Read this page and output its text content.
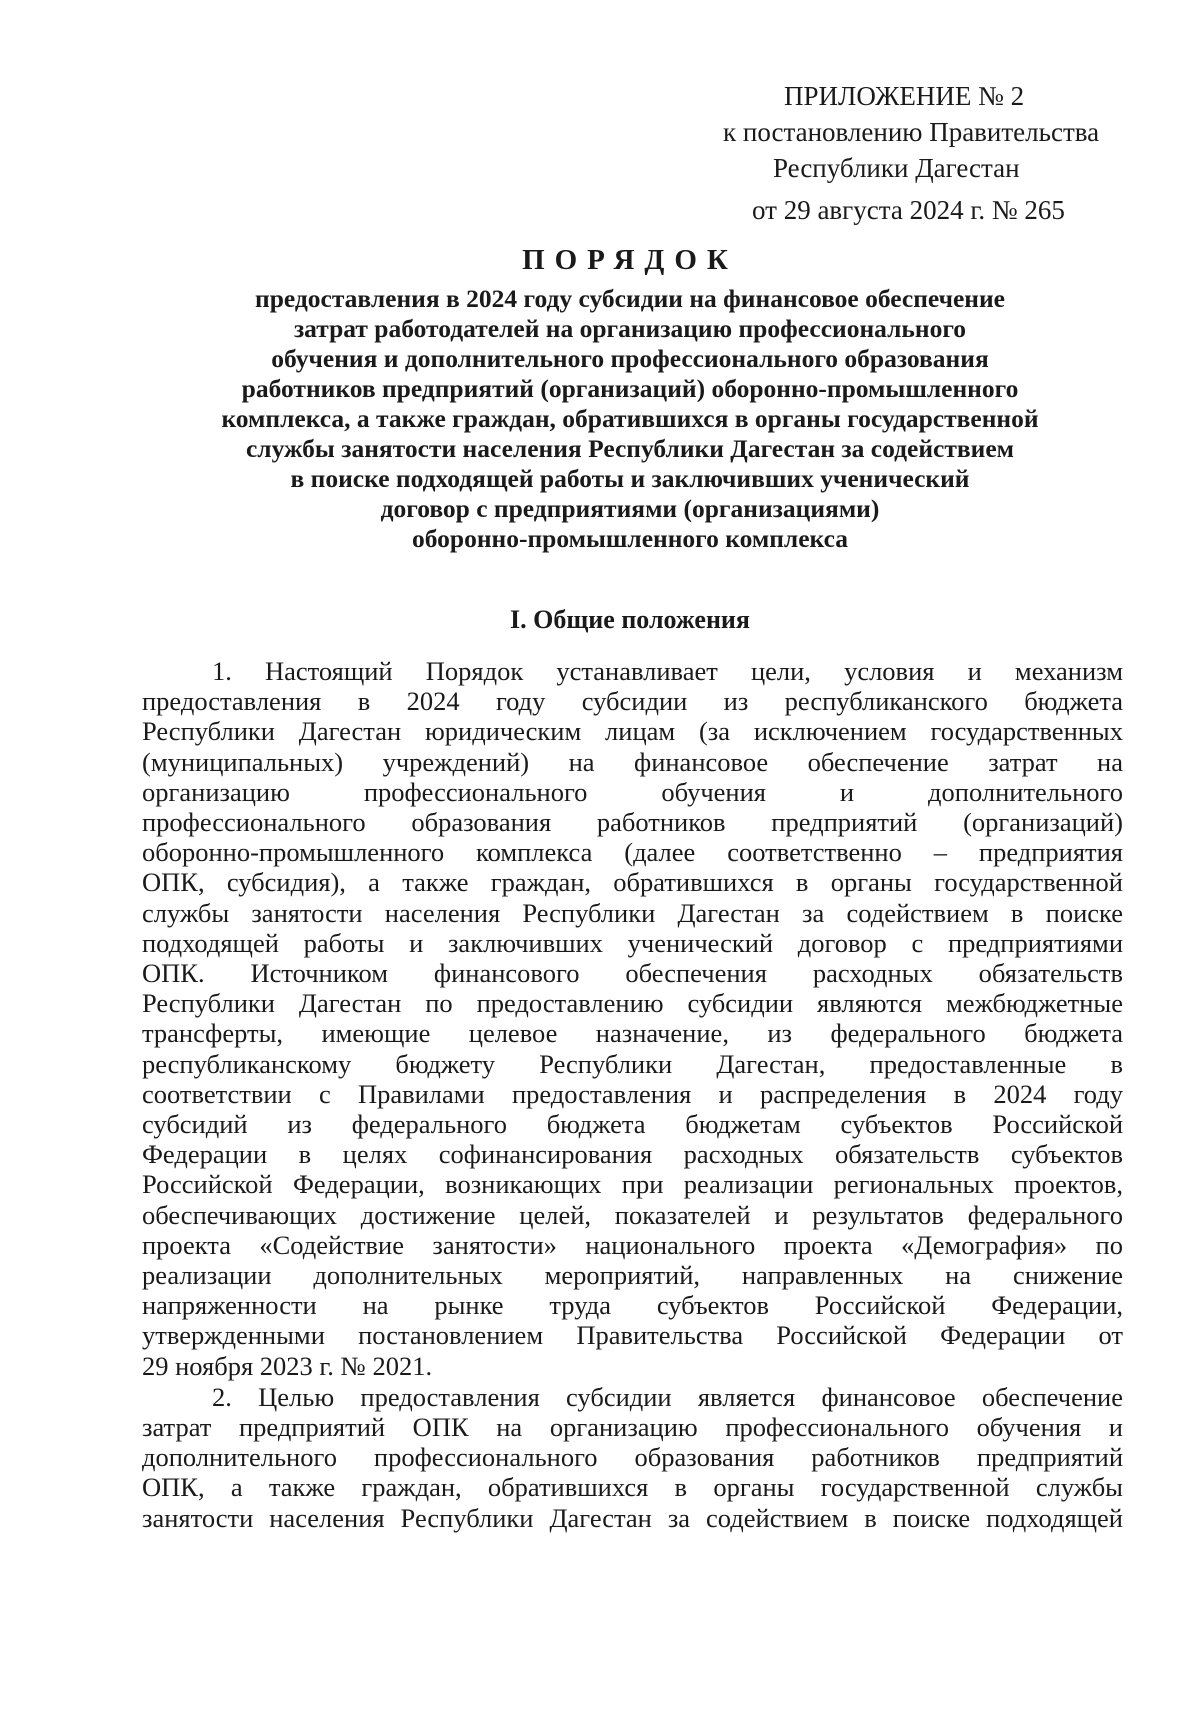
ПРИЛОЖЕНИЕ № 2
к постановлению Правительства
Республики Дагестан
от 29 августа 2024 г. № 265
ПОРЯДОК
предоставления в 2024 году субсидии на финансовое обеспечение
затрат работодателей на организацию профессионального
обучения и дополнительного профессионального образования
работников предприятий (организаций) оборонно-промышленного
комплекса, а также граждан, обратившихся в органы государственной
службы занятости населения Республики Дагестан за содействием
в поиске подходящей работы и заключивших ученический
договор с предприятиями (организациями)
оборонно-промышленного комплекса
I. Общие положения
1. Настоящий Порядок устанавливает цели, условия и механизм
предоставления в 2024 году субсидии из республиканского бюджета
Республики Дагестан юридическим лицам (за исключением государственных
(муниципальных) учреждений) на финансовое обеспечение затрат на
организацию профессионального обучения и дополнительного
профессионального образования работников предприятий (организаций)
оборонно-промышленного комплекса (далее соответственно – предприятия
ОПК, субсидия), а также граждан, обратившихся в органы государственной
службы занятости населения Республики Дагестан за содействием в поиске
подходящей работы и заключивших ученический договор с предприятиями
ОПК. Источником финансового обеспечения расходных обязательств
Республики Дагестан по предоставлению субсидии являются межбюджетные
трансферты, имеющие целевое назначение, из федерального бюджета
республиканскому бюджету Республики Дагестан, предоставленные в
соответствии с Правилами предоставления и распределения в 2024 году
субсидий из федерального бюджета бюджетам субъектов Российской
Федерации в целях софинансирования расходных обязательств субъектов
Российской Федерации, возникающих при реализации региональных проектов,
обеспечивающих достижение целей, показателей и результатов федерального
проекта «Содействие занятости» национального проекта «Демография» по
реализации дополнительных мероприятий, направленных на снижение
напряженности на рынке труда субъектов Российской Федерации,
утвержденными постановлением Правительства Российской Федерации от
29 ноября 2023 г. № 2021.
2. Целью предоставления субсидии является финансовое обеспечение
затрат предприятий ОПК на организацию профессионального обучения и
дополнительного профессионального образования работников предприятий
ОПК, а также граждан, обратившихся в органы государственной службы
занятости населения Республики Дагестан за содействием в поиске подходящей
